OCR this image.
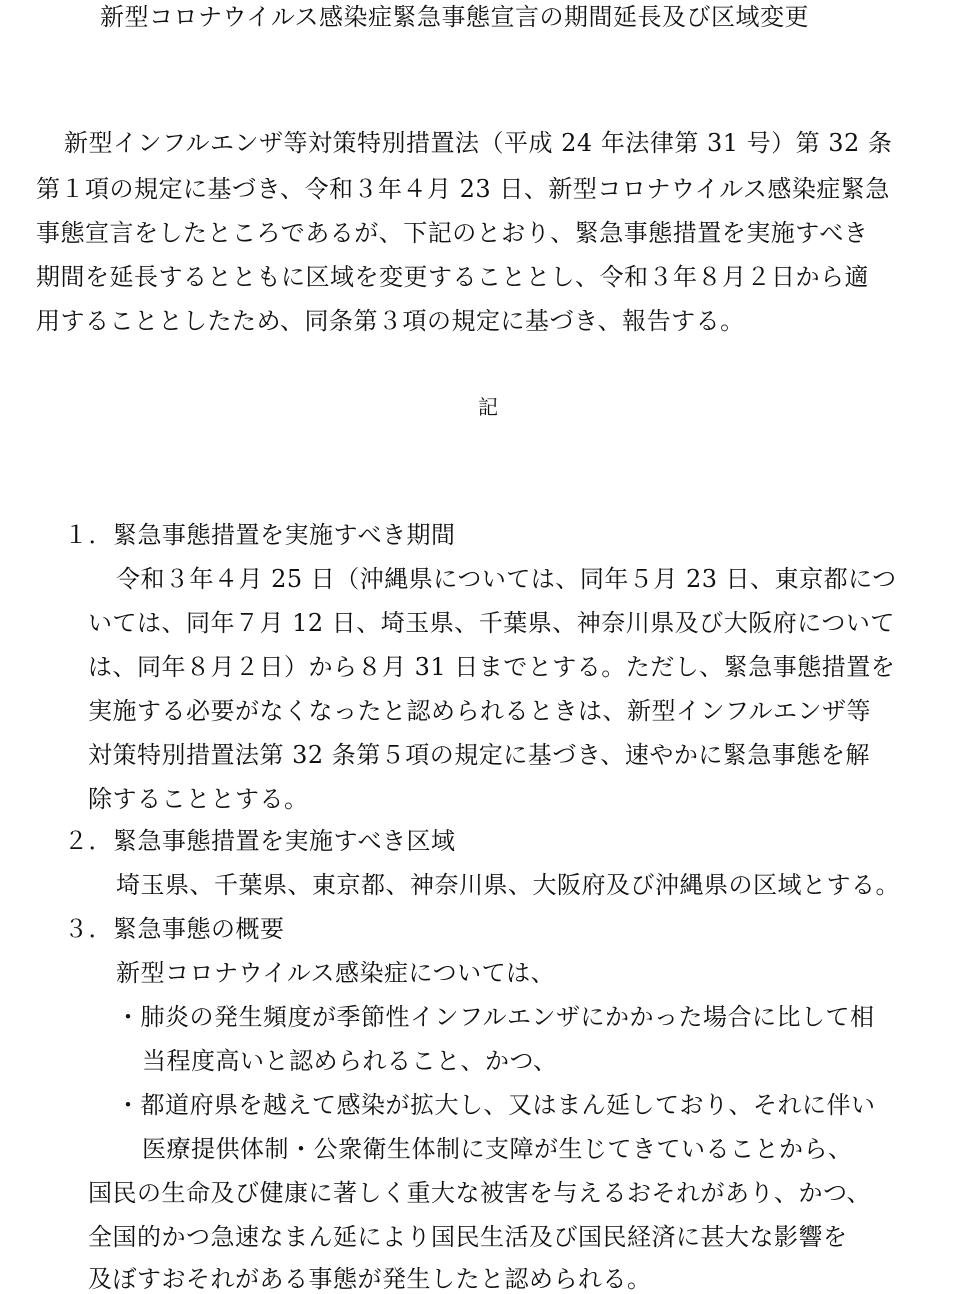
新型コロナウイルス感染症緊急事態宣言の期間延長及び区域変更
新型インフルエンザ等対策特別措置法（平成 24 年法律第 31 号）第 32 条
第１項の規定に基づき、令和３年４月 23 日、新型コロナウイルス感染症緊急
事態宣言をしたところであるが、下記のとおり、緊急事態措置を実施すべき
期間を延長するとともに区域を変更することとし、令和３年８月２日から適
用することとしたため、同条第３項の規定に基づき、報告する。
記
１．緊急事態措置を実施すべき期間
令和３年４月 25 日（沖縄県については、同年５月 23 日、東京都につ
いては、同年７月 12 日、埼玉県、千葉県、神奈川県及び大阪府について
は、同年８月２日）から８月 31 日までとする。ただし、緊急事態措置を
実施する必要がなくなったと認められるときは、新型インフルエンザ等
対策特別措置法第 32 条第５項の規定に基づき、速やかに緊急事態を解
除することとする。
２．緊急事態措置を実施すべき区域
埼玉県、千葉県、東京都、神奈川県、大阪府及び沖縄県の区域とする。
３．緊急事態の概要
新型コロナウイルス感染症については、
・肺炎の発生頻度が季節性インフルエンザにかかった場合に比して相
当程度高いと認められること、かつ、
・都道府県を越えて感染が拡大し、又はまん延しており、それに伴い
医療提供体制・公衆衛生体制に支障が生じてきていることから、
国民の生命及び健康に著しく重大な被害を与えるおそれがあり、かつ、
全国的かつ急速なまん延により国民生活及び国民経済に甚大な影響を
及ぼすおそれがある事態が発生したと認められる。
